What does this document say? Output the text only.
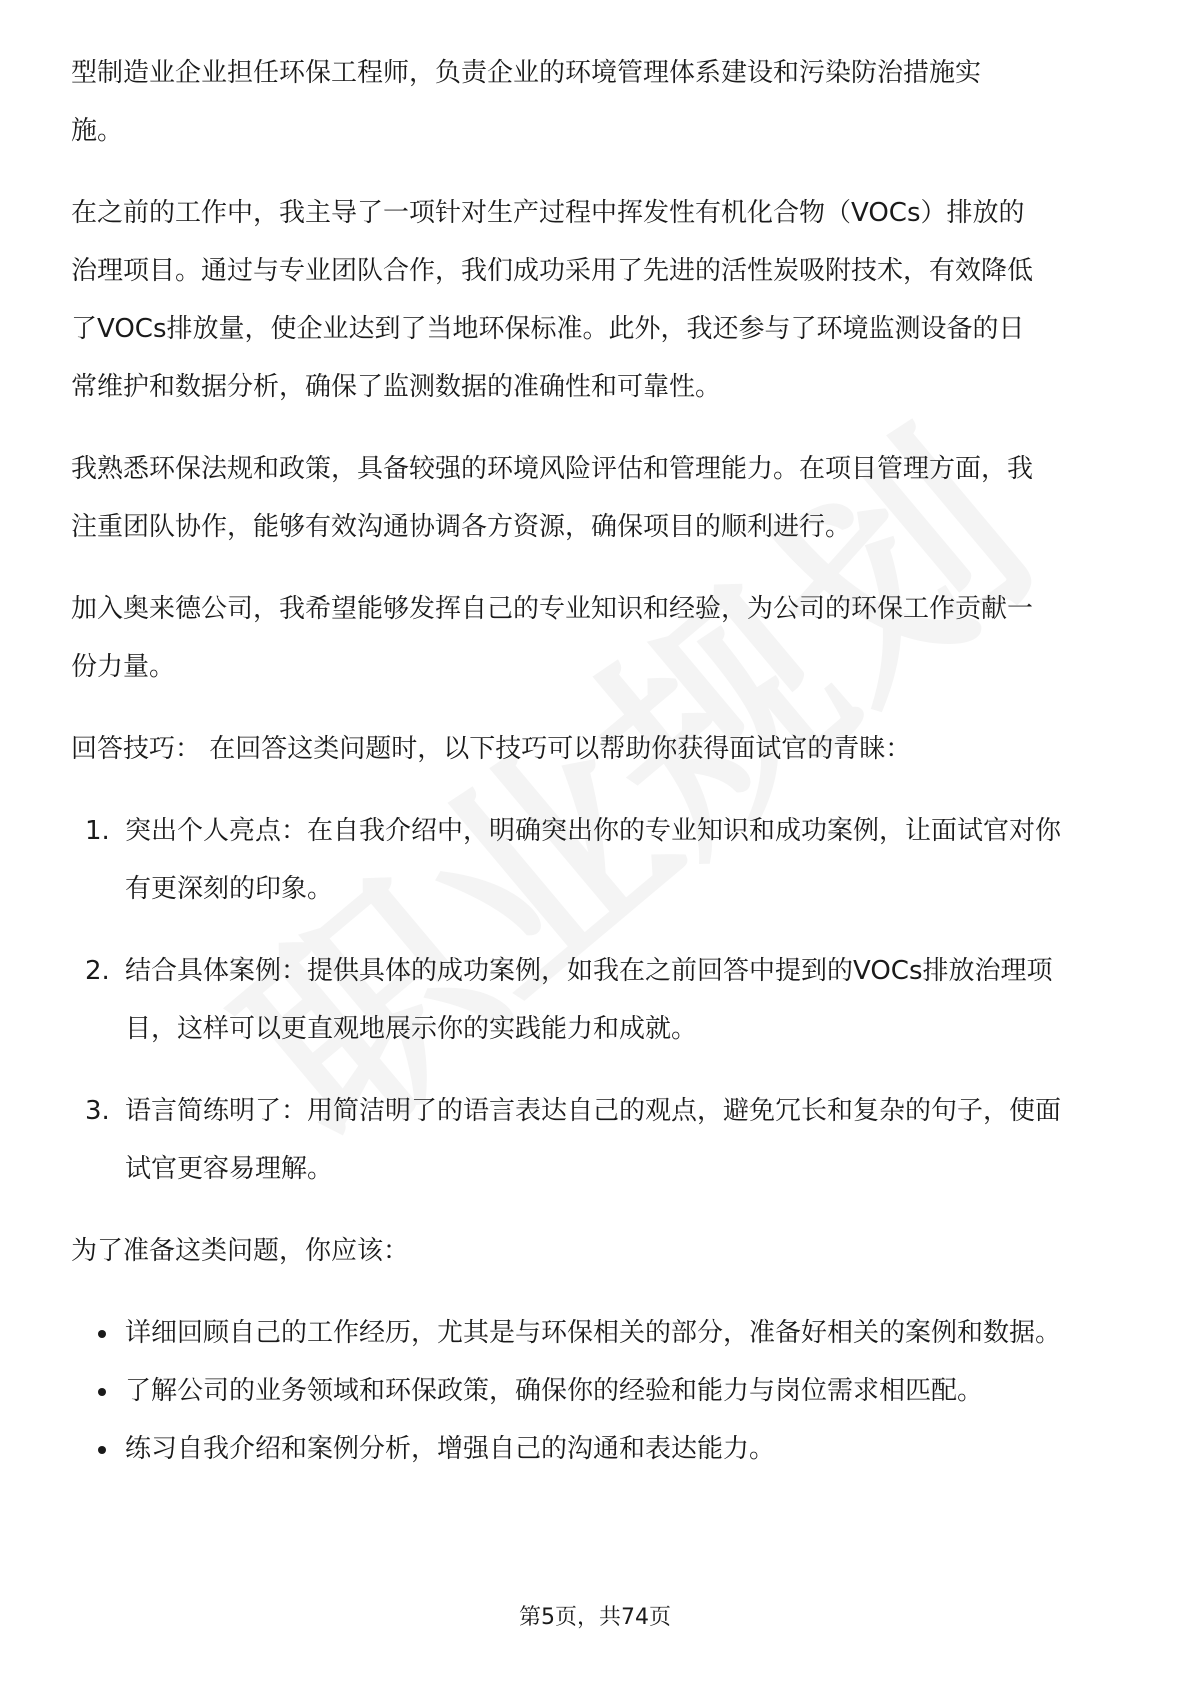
型制造业企业担任环保工程师，负责企业的环境管理体系建设和污染防治措施实施。

在之前的工作中，我主导了一项针对生产过程中挥发性有机化合物（VOCs）排放的治理项目。通过与专业团队合作，我们成功采用了先进的活性炭吸附技术，有效降低了VOCs排放量，使企业达到了当地环保标准。此外，我还参与了环境监测设备的日常维护和数据分析，确保了监测数据的准确性和可靠性。

我熟悉环保法规和政策，具备较强的环境风险评估和管理能力。在项目管理方面，我注重团队协作，能够有效沟通协调各方资源，确保项目的顺利进行。

加入奥来德公司，我希望能够发挥自己的专业知识和经验，为公司的环保工作贡献一份力量。

回答技巧： 在回答这类问题时，以下技巧可以帮助你获得面试官的青睐：

1. 突出个人亮点：在自我介绍中，明确突出你的专业知识和成功案例，让面试官对你有更深刻的印象。
2. 结合具体案例：提供具体的成功案例，如我在之前回答中提到的VOCs排放治理项目，这样可以更直观地展示你的实践能力和成就。
3. 语言简练明了：用简洁明了的语言表达自己的观点，避免冗长和复杂的句子，使面试官更容易理解。

为了准备这类问题，你应该：

详细回顾自己的工作经历，尤其是与环保相关的部分，准备好相关的案例和数据。
了解公司的业务领域和环保政策，确保你的经验和能力与岗位需求相匹配。
练习自我介绍和案例分析，增强自己的沟通和表达能力。
第5页，共74页
